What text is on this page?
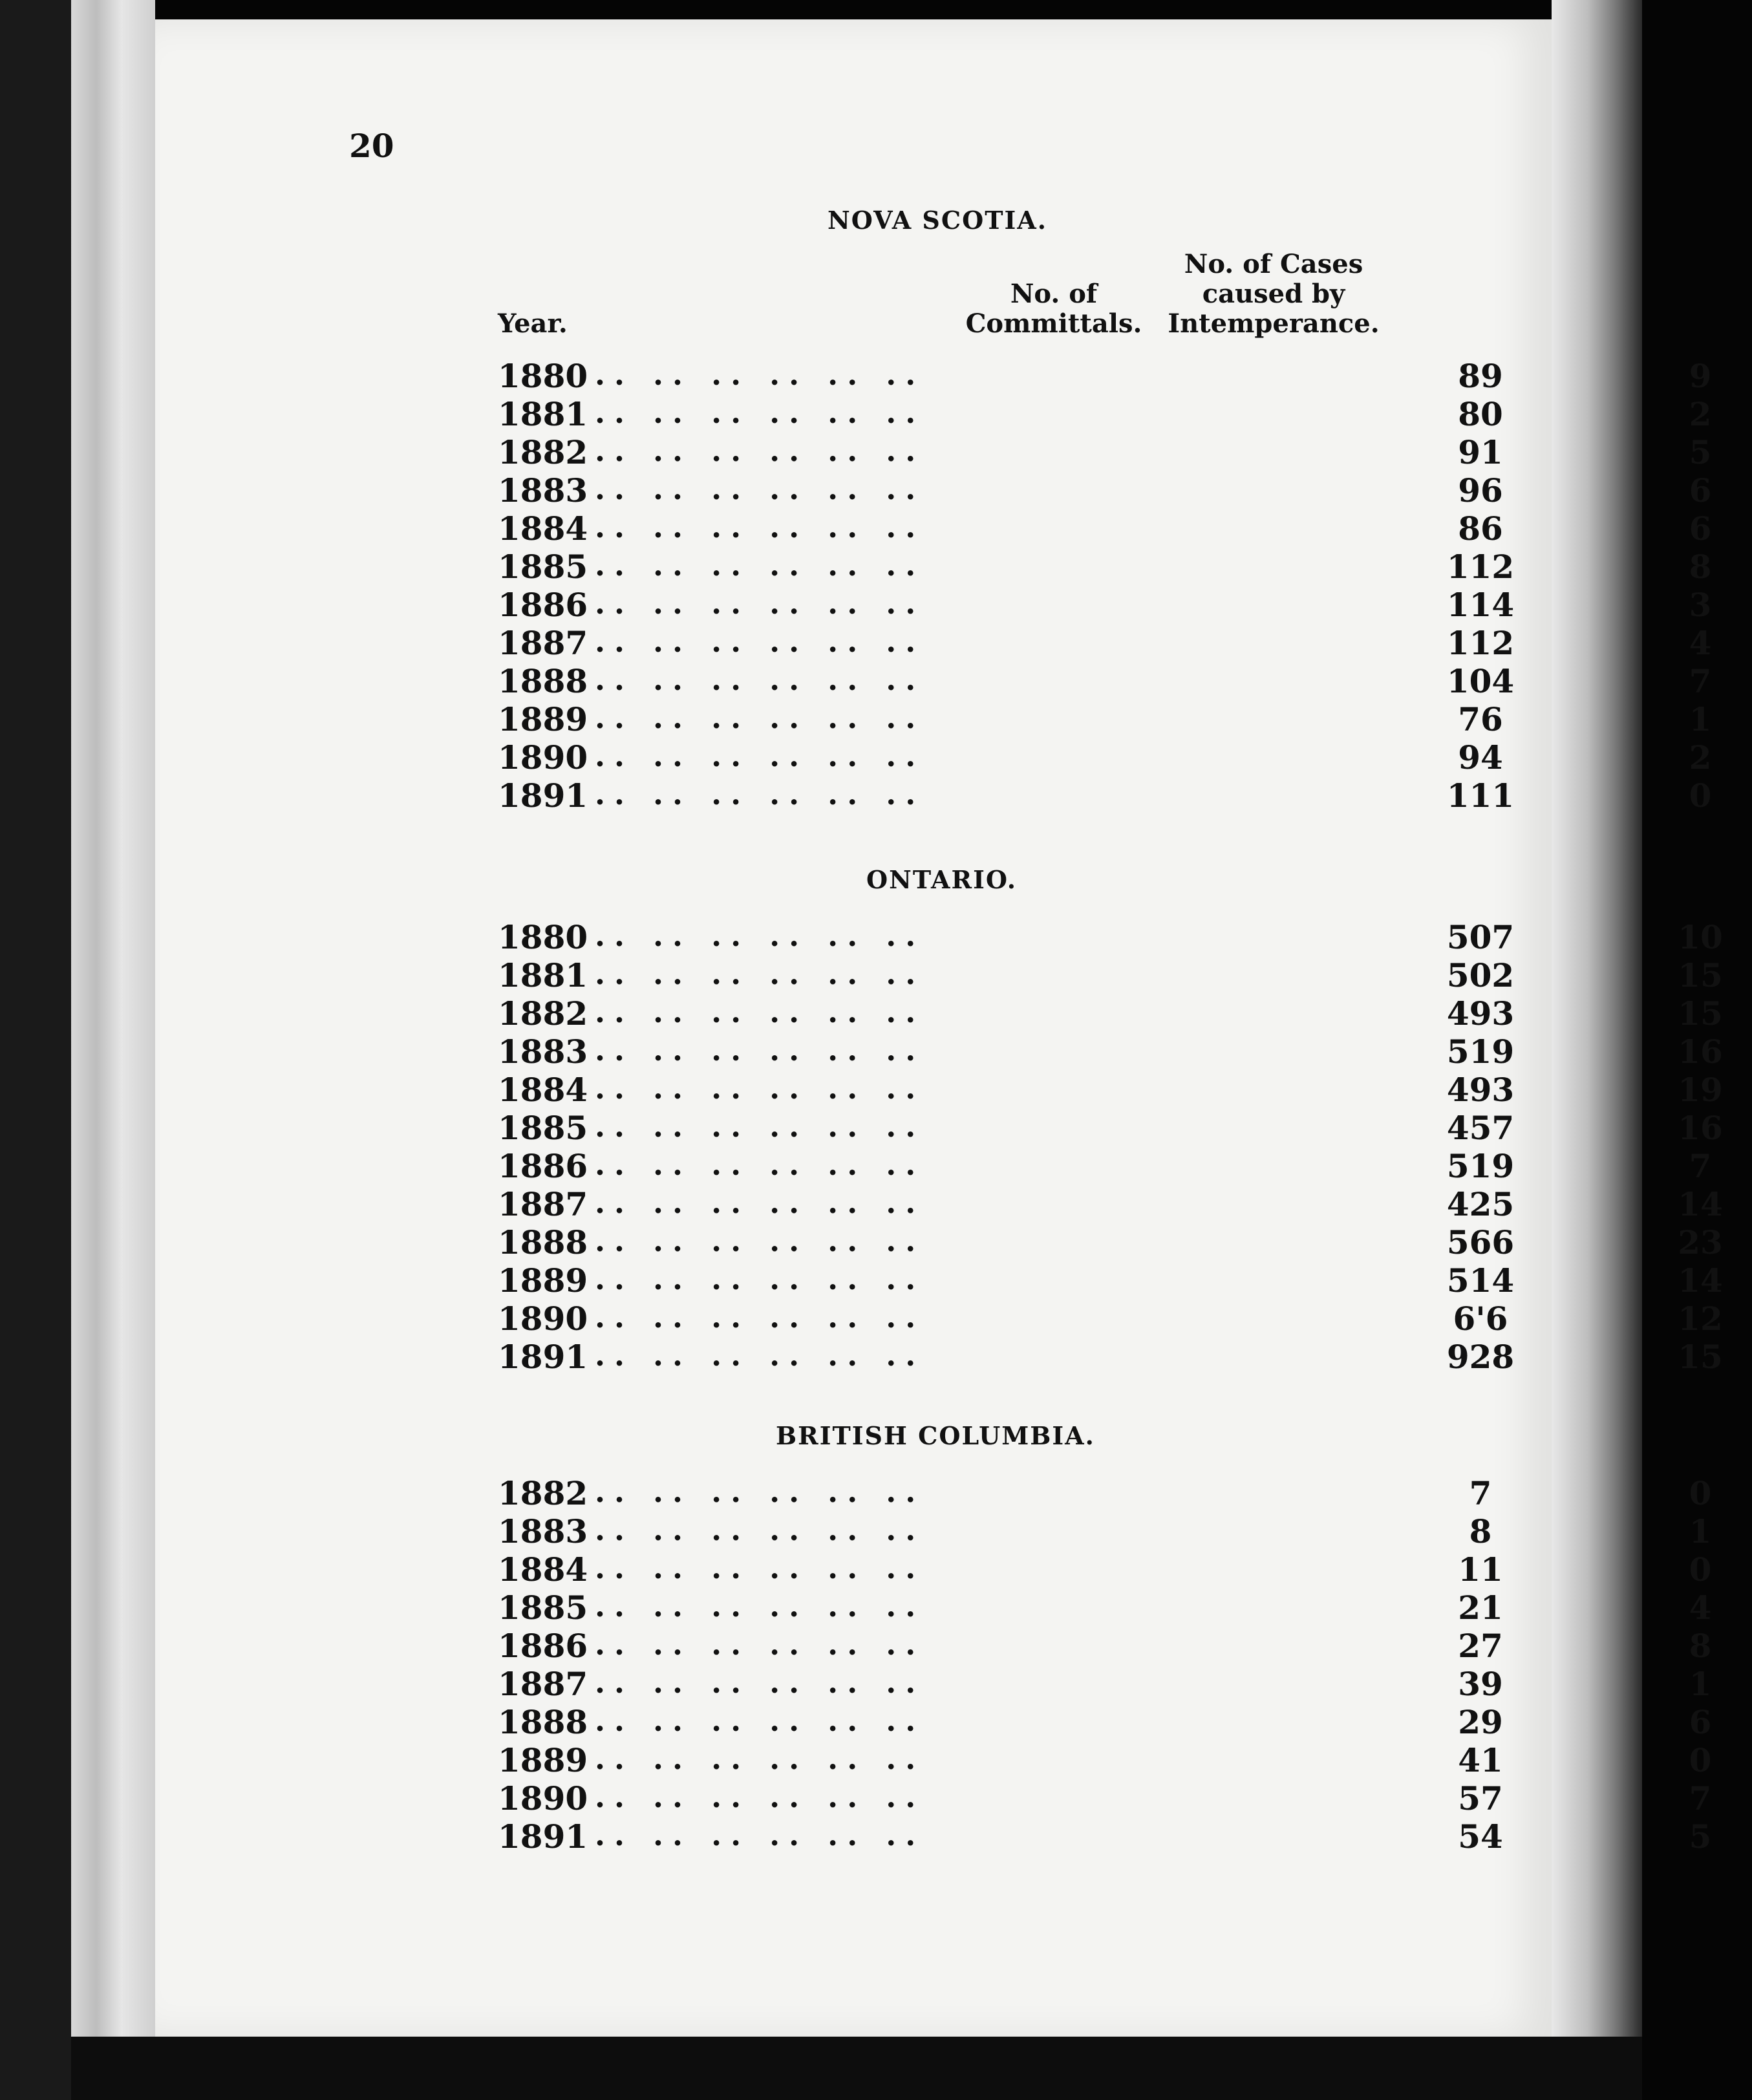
20
Year.
No. of
Committals.
No. of Cases
caused by
Intemperance.
NOVA SCOTIA.
ONTARIO.
BRITISH COLUMBIA.
1880 .. .. .. .. .. ..	89	9
1881 .. .. .. .. .. ..	80	2
1882 .. .. .. .. .. ..	91	5
1883 .. .. .. .. .. ..	96	6
1884 .. .. .. .. .. ..	86	6
1885 .. .. .. .. .. ..	112	8
1886 .. .. .. .. .. ..	114	3
1887 .. .. .. .. .. ..	112	4
1888 .. .. .. .. .. ..	104	7
1889 .. .. .. .. .. ..	76	1
1890 .. .. .. .. .. ..	94	2
1891 .. .. .. .. .. ..	111	0
1880 .. .. .. .. .. ..	507	10
1881 .. .. .. .. .. ..	502	15
1882 .. .. .. .. .. ..	493	15
1883 .. .. .. .. .. ..	519	16
1884 .. .. .. .. .. ..	493	19
1885 .. .. .. .. .. ..	457	16
1886 .. .. .. .. .. ..	519	7
1887 .. .. .. .. .. ..	425	14
1888 .. .. .. .. .. ..	566	23
1889 .. .. .. .. .. ..	514	14
1890 .. .. .. .. .. ..	6'6	12
1891 .. .. .. .. .. ..	928	15
1882 .. .. .. .. .. ..	7	0
1883 .. .. .. .. .. ..	8	1
1884 .. .. .. .. .. ..	11	0
1885 .. .. .. .. .. ..	21	4
1886 .. .. .. .. .. ..	27	8
1887 .. .. .. .. .. ..	39	1
1888 .. .. .. .. .. ..	29	6
1889 .. .. .. .. .. ..	41	0
1890 .. .. .. .. .. ..	57	7
1891 .. .. .. .. .. ..	54	5
